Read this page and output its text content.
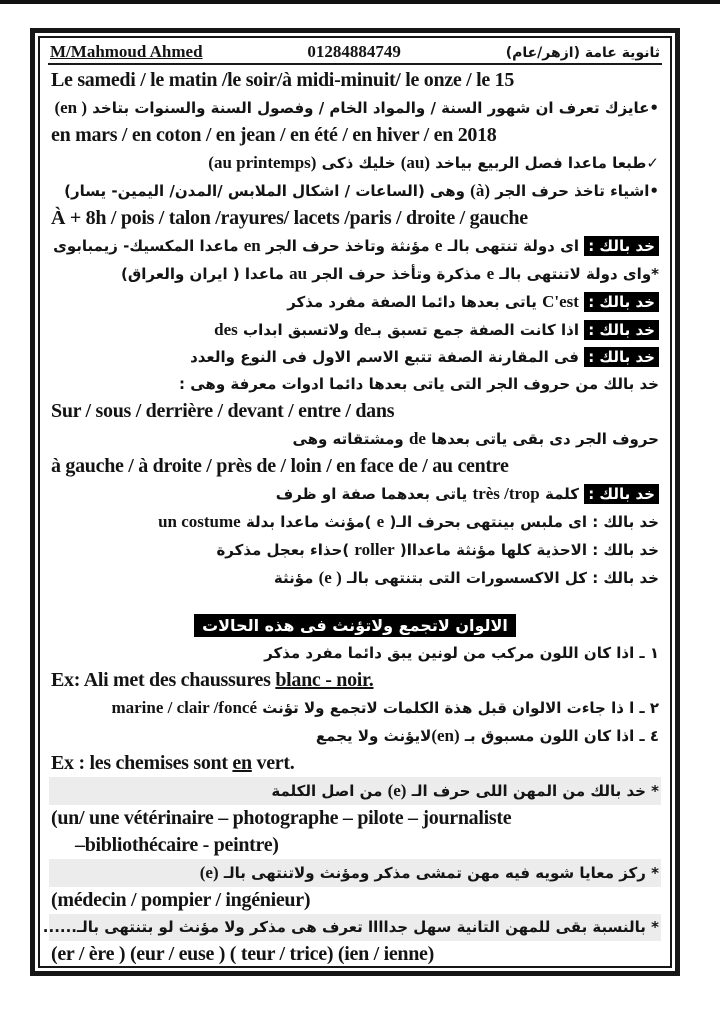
M/Mahmoud Ahmed	01284884749	ثانوية عامة (ازهر/عام)

Le samedi / le matin /le soir/à midi-minuit/ le onze / le 15

•عايزك تعرف ان شهور السنة / والمواد الخام / وفصول السنة والسنوات بتاخد (en )

en mars / en coton / en jean / en été / en hiver / en 2018

✓طبعا ماعدا فصل الربيع بياخد (au) خليك ذكى (au printemps)

•اشياء تاخذ حرف الجر (à) وهى (الساعات / اشكال الملابس /المدن/ اليمين- يسار)

À + 8h / pois / talon /rayures/ lacets /paris / droite / gauche

خد بالك : اى دولة تنتهى بالـ e مؤنثة وتاخذ حرف الجر en ماعدا المكسيك- زيمبابوى

*واى دولة لاتنتهى بالـ e مذكرة وتأخذ حرف الجر au ماعدا ( ايران والعراق)

خد بالك : C'est ياتى بعدها دائما الصفة مفرد مذكر

خد بالك : اذا كانت الصفة جمع تسبق بـde ولاتسبق ابداب des

خد بالك : فى المقارنة الصفة تتبع الاسم الاول فى النوع والعدد

خد بالك من حروف الجر التى ياتى بعدها دائما ادوات معرفة وهى :

Sur / sous / derrière / devant / entre / dans

حروف الجر دى بقى ياتى بعدها de ومشتقاته وهى

à gauche / à droite / près de / loin / en face de / au centre

خد بالك : كلمة très /trop ياتى بعدهما صفة او ظرف

خد بالك : اى ملبس بينتهى بحرف الـ( e )مؤنث ماعدا بدلة un costume

خد بالك : الاحذية كلها مؤنثة ماعداا( roller )حذاء بعجل مذكرة

خد بالك : كل الاكسسورات التى بتنتهى بالـ (e ) مؤنثة

الالوان لاتجمع ولاتؤنث فى هذه الحالات

١ ـ اذا كان اللون مركب من لونين يبق دائما مفرد مذكر

Ex: Ali met des chaussures blanc - noir.

٢ ـ ا ذا جاءت الالوان قبل هذة الكلمات لاتجمع ولا تؤنث marine / clair /foncé

٤ ـ اذا كان اللون مسبوق بـ (en)لايؤنث ولا يجمع

Ex : les chemises sont en vert.

* خد بالك من المهن اللى حرف الـ (e) من اصل الكلمة

(un/ une vétérinaire – photographe – pilote – journaliste

–bibliothécaire - peintre)

* ركز معايا شويه فيه مهن تمشى مذكر ومؤنث ولاتنتهى بالـ (e)

(médecin / pompier / ingénieur)

* بالنسبة بقى للمهن التانية سهل جداااا تعرف هى مذكر ولا مؤنث لو بتنتهى بالـ......

(er / ère ) (eur / euse ) ( teur / trice) (ien / ienne)
